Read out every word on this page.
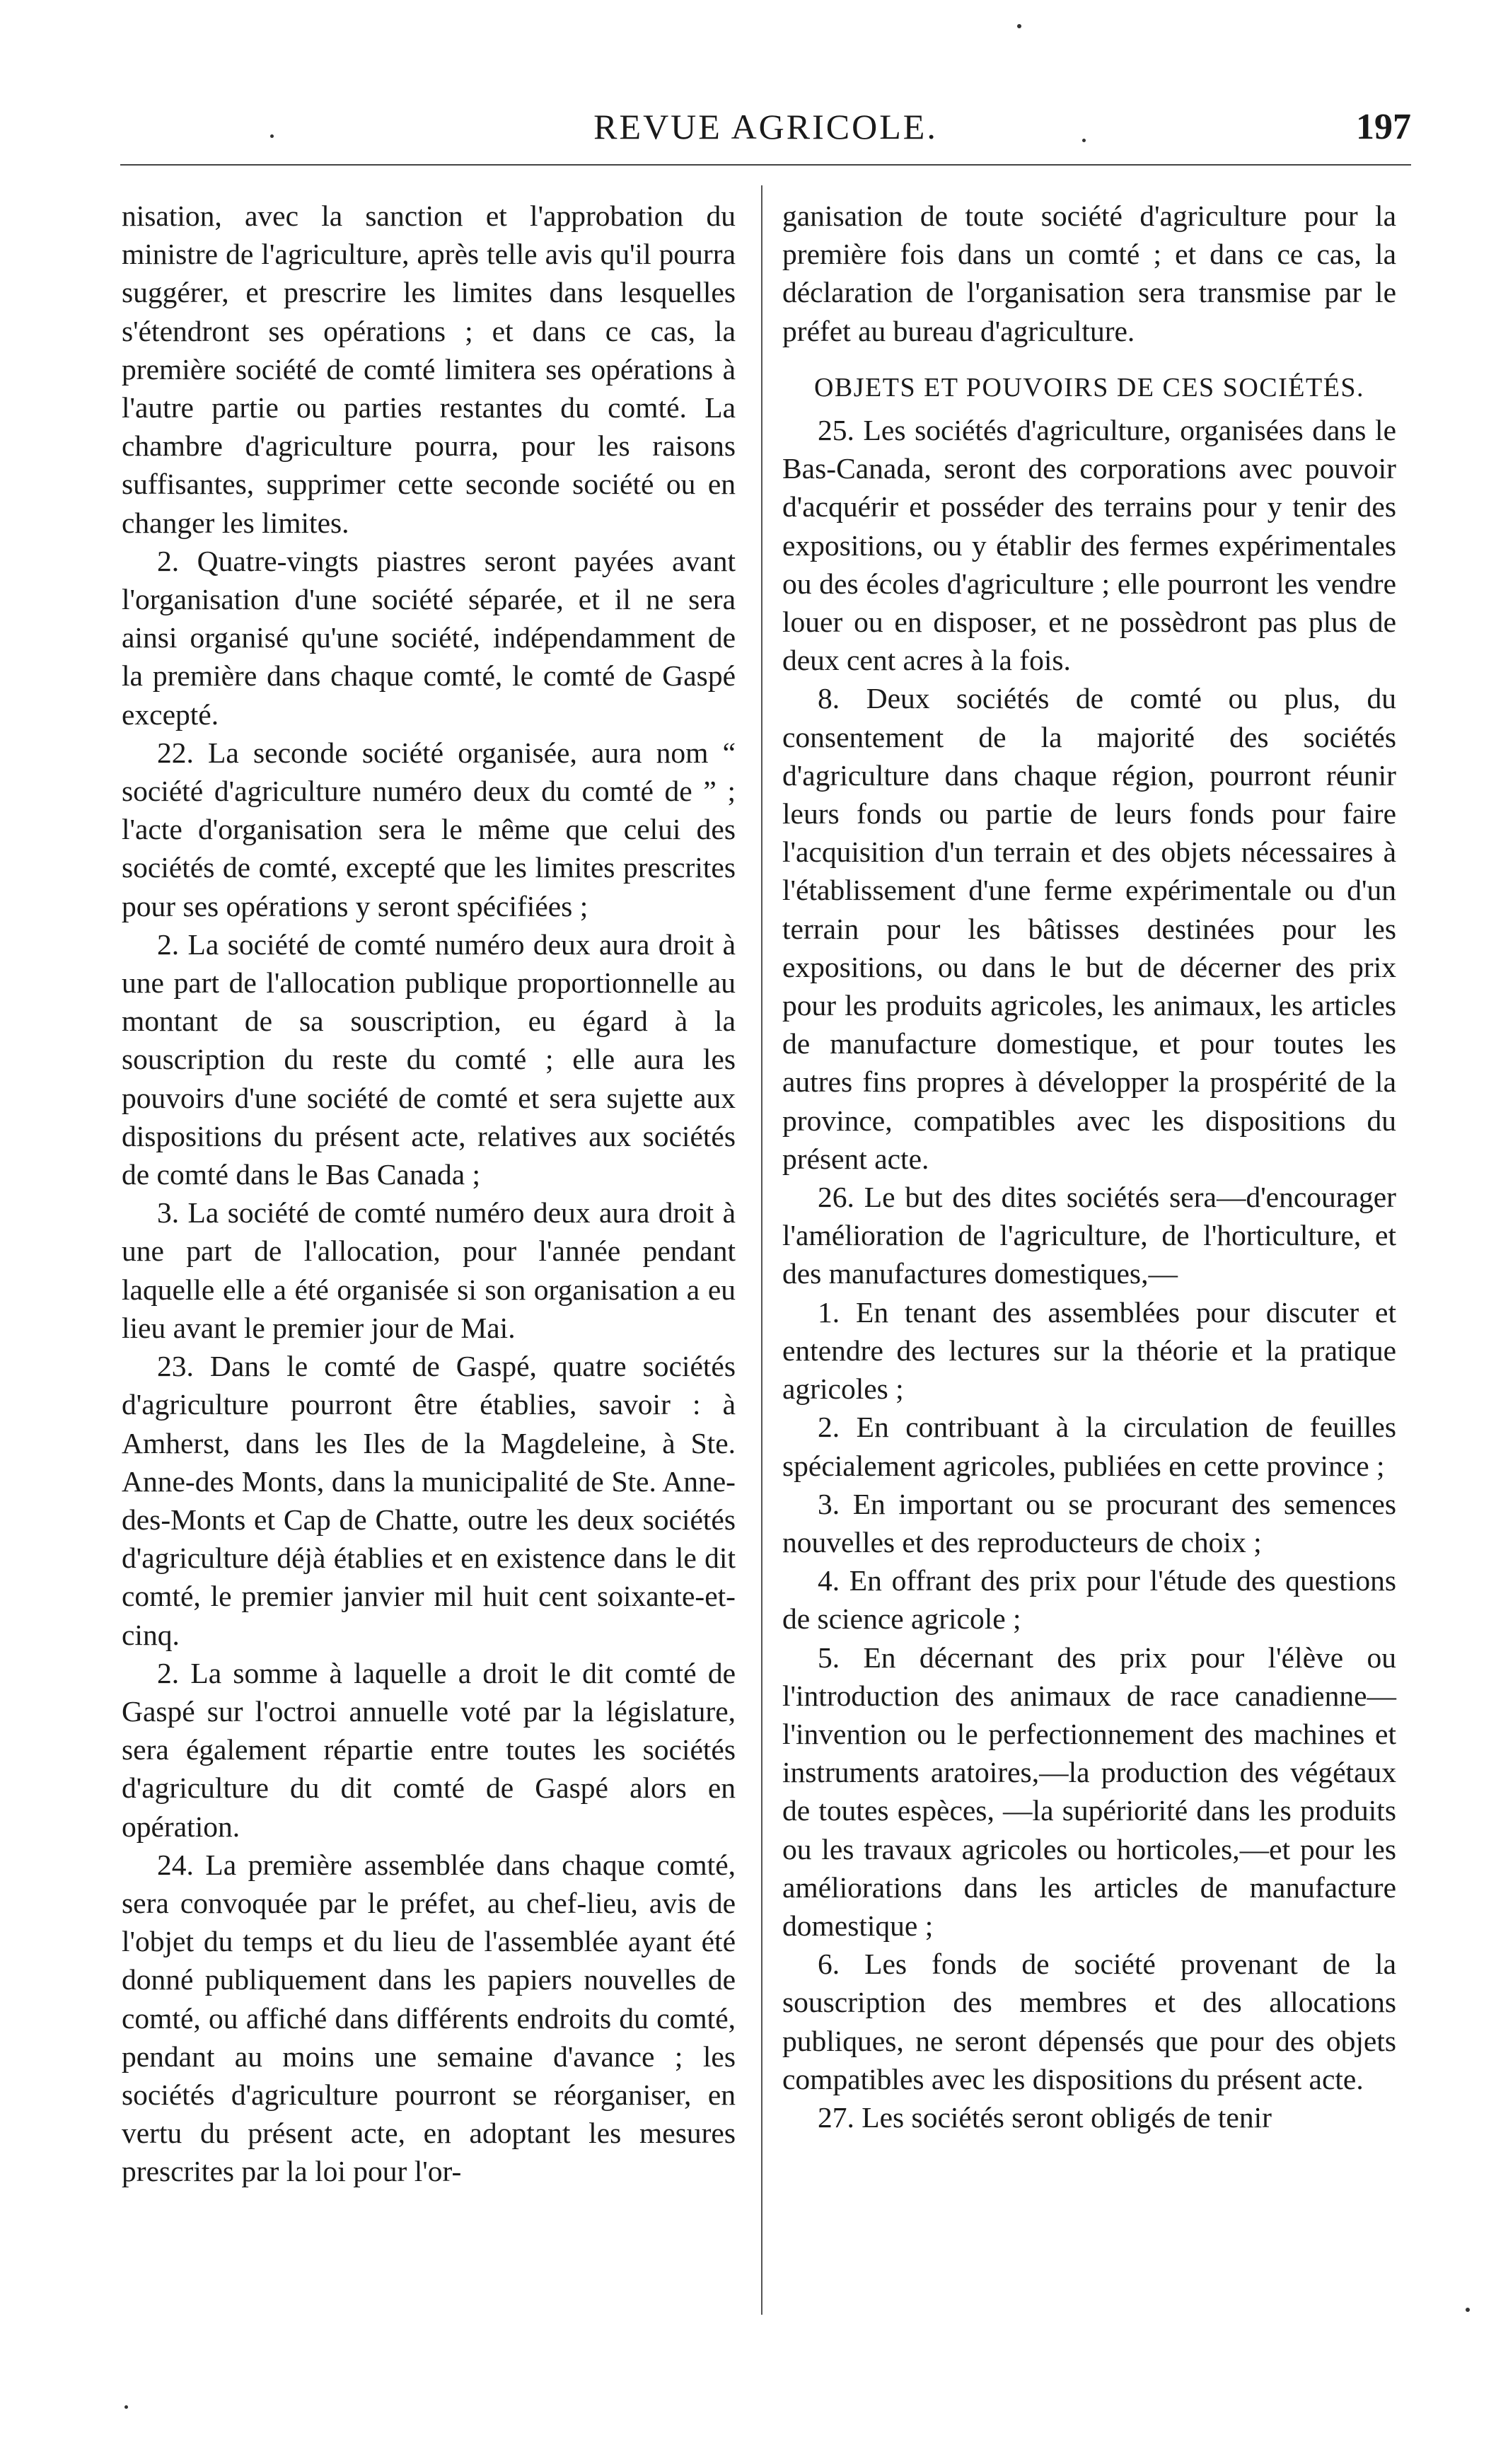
REVUE AGRICOLE.	197

nisation, avec la sanction et l'approbation du ministre de l'agriculture, après telle avis qu'il pourra suggérer, et prescrire les limites dans lesquelles s'étendront ses opérations ; et dans ce cas, la première société de comté limitera ses opérations à l'autre partie ou parties restantes du comté. La chambre d'agriculture pourra, pour les raisons suffisantes, supprimer cette seconde société ou en changer les limites.

2. Quatre-vingts piastres seront payées avant l'organisation d'une société séparée, et il ne sera ainsi organisé qu'une société, indépendamment de la première dans chaque comté, le comté de Gaspé excepté.

22. La seconde société organisée, aura nom “ société d'agriculture numéro deux du comté de ” ; l'acte d'organisation sera le même que celui des sociétés de comté, excepté que les limites prescrites pour ses opérations y seront spécifiées ;

2. La société de comté numéro deux aura droit à une part de l'allocation publique proportionnelle au montant de sa souscription, eu égard à la souscription du reste du comté ; elle aura les pouvoirs d'une société de comté et sera sujette aux dispositions du présent acte, relatives aux sociétés de comté dans le Bas Canada ;

3. La société de comté numéro deux aura droit à une part de l'allocation, pour l'année pendant laquelle elle a été organisée si son organisation a eu lieu avant le premier jour de Mai.

23. Dans le comté de Gaspé, quatre sociétés d'agriculture pourront être établies, savoir : à Amherst, dans les Iles de la Magdeleine, à Ste. Anne-des Monts, dans la municipalité de Ste. Anne-des-Monts et Cap de Chatte, outre les deux sociétés d'agriculture déjà établies et en existence dans le dit comté, le premier janvier mil huit cent soixante-et-cinq.

2. La somme à laquelle a droit le dit comté de Gaspé sur l'octroi annuelle voté par la législature, sera également répartie entre toutes les sociétés d'agriculture du dit comté de Gaspé alors en opération.

24. La première assemblée dans chaque comté, sera convoquée par le préfet, au chef-lieu, avis de l'objet du temps et du lieu de l'assemblée ayant été donné publiquement dans les papiers nouvelles de comté, ou affiché dans différents endroits du comté, pendant au moins une semaine d'avance ; les sociétés d'agriculture pourront se réorganiser, en vertu du présent acte, en adoptant les mesures prescrites par la loi pour l'or-

ganisation de toute société d'agriculture pour la première fois dans un comté ; et dans ce cas, la déclaration de l'organisation sera transmise par le préfet au bureau d'agriculture.

OBJETS ET POUVOIRS DE CES SOCIÉTÉS.

25. Les sociétés d'agriculture, organisées dans le Bas-Canada, seront des corporations avec pouvoir d'acquérir et posséder des terrains pour y tenir des expositions, ou y établir des fermes expérimentales ou des écoles d'agriculture ; elle pourront les vendre louer ou en disposer, et ne possèdront pas plus de deux cent acres à la fois.

8. Deux sociétés de comté ou plus, du consentement de la majorité des sociétés d'agriculture dans chaque région, pourront réunir leurs fonds ou partie de leurs fonds pour faire l'acquisition d'un terrain et des objets nécessaires à l'établissement d'une ferme expérimentale ou d'un terrain pour les bâtisses destinées pour les expositions, ou dans le but de décerner des prix pour les produits agricoles, les animaux, les articles de manufacture domestique, et pour toutes les autres fins propres à développer la prospérité de la province, compatibles avec les dispositions du présent acte.

26. Le but des dites sociétés sera—d'encourager l'amélioration de l'agriculture, de l'horticulture, et des manufactures domestiques,—

1. En tenant des assemblées pour discuter et entendre des lectures sur la théorie et la pratique agricoles ;

2. En contribuant à la circulation de feuilles spécialement agricoles, publiées en cette province ;

3. En important ou se procurant des semences nouvelles et des reproducteurs de choix ;

4. En offrant des prix pour l'étude des questions de science agricole ;

5. En décernant des prix pour l'élève ou l'introduction des animaux de race canadienne—l'invention ou le perfectionnement des machines et instruments aratoires,—la production des végétaux de toutes espèces, —la supériorité dans les produits ou les travaux agricoles ou horticoles,—et pour les améliorations dans les articles de manufacture domestique ;

6. Les fonds de société provenant de la souscription des membres et des allocations publiques, ne seront dépensés que pour des objets compatibles avec les dispositions du présent acte.

27. Les sociétés seront obligés de tenir
